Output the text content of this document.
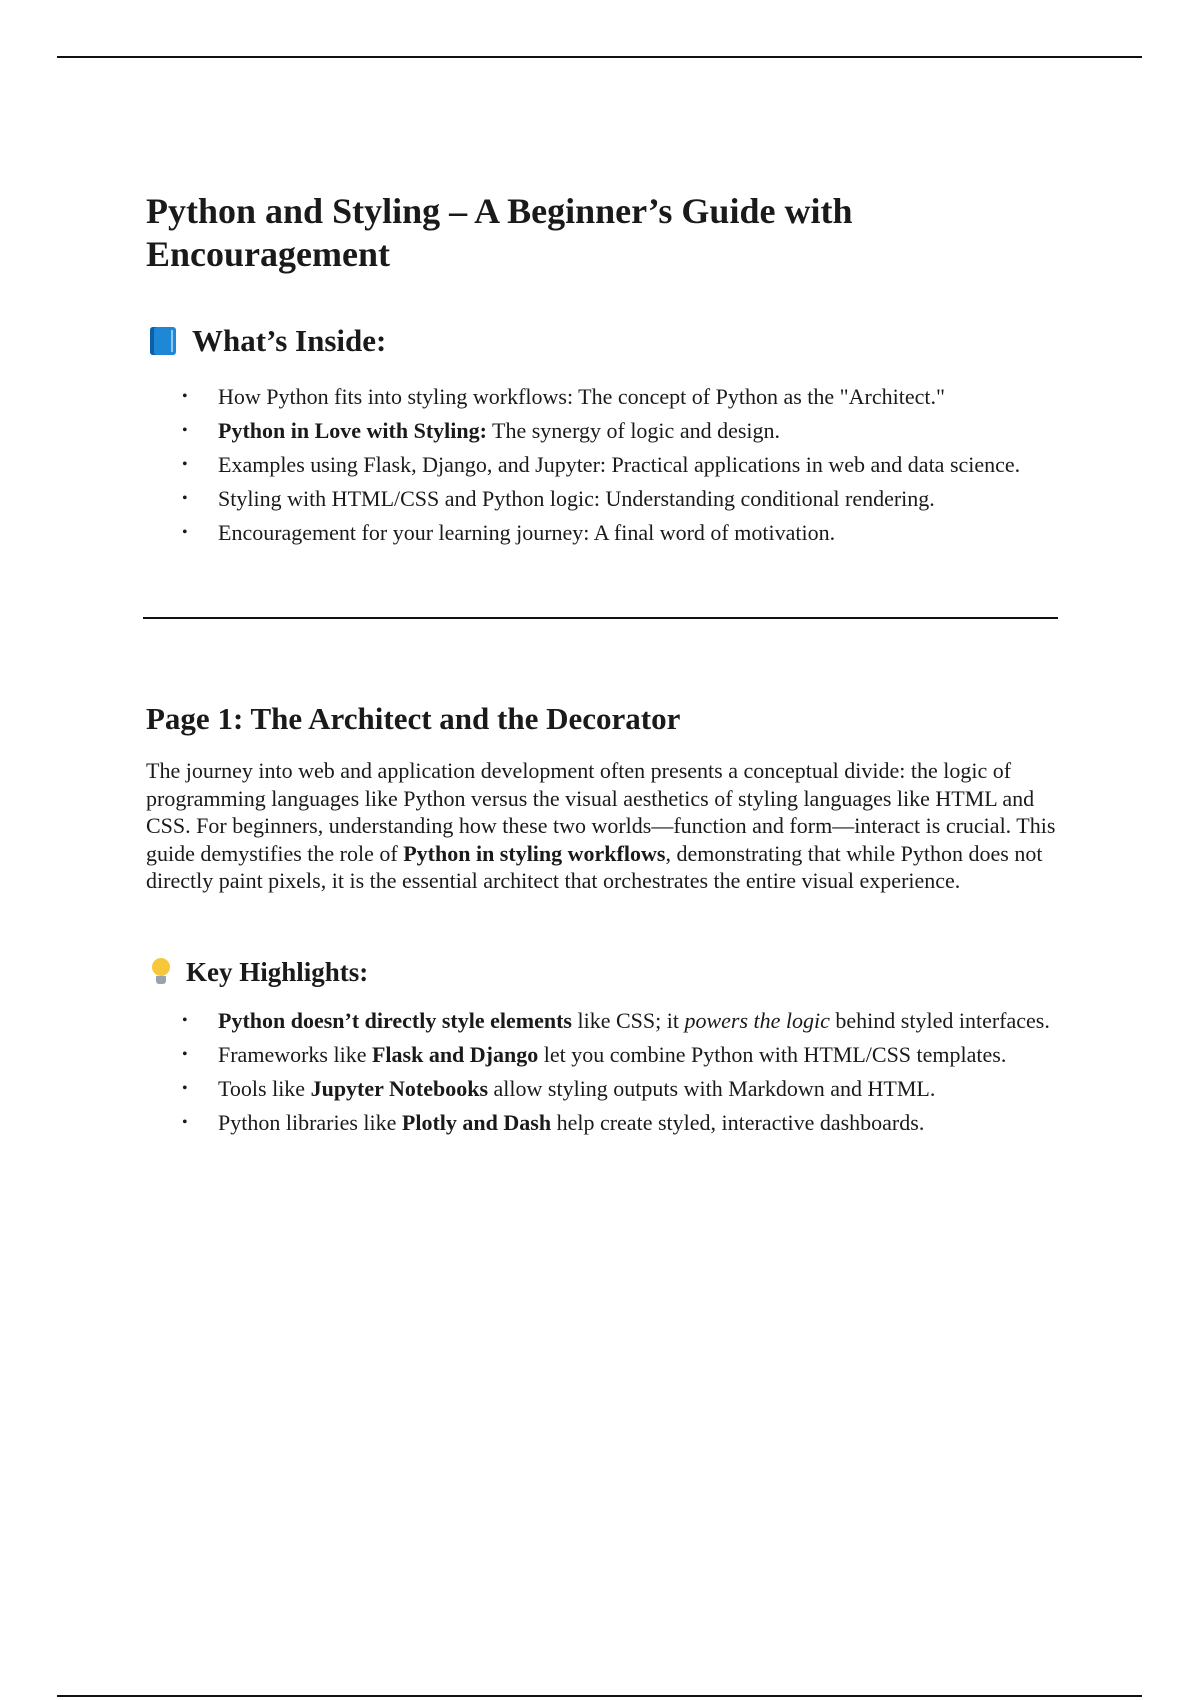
Python and Styling – A Beginner’s Guide with Encouragement
What’s Inside:
• How Python fits into styling workflows: The concept of Python as the "Architect."
• Python in Love with Styling: The synergy of logic and design.
• Examples using Flask, Django, and Jupyter: Practical applications in web and data science.
• Styling with HTML/CSS and Python logic: Understanding conditional rendering.
• Encouragement for your learning journey: A final word of motivation.
Page 1: The Architect and the Decorator

The journey into web and application development often presents a conceptual divide: the logic of programming languages like Python versus the visual aesthetics of styling languages like HTML and CSS. For beginners, understanding how these two worlds—function and form—interact is crucial. This guide demystifies the role of Python in styling workflows, demonstrating that while Python does not directly paint pixels, it is the essential architect that orchestrates the entire visual experience.

Key Highlights:
• Python doesn’t directly style elements like CSS; it powers the logic behind styled interfaces.
• Frameworks like Flask and Django let you combine Python with HTML/CSS templates.
• Tools like Jupyter Notebooks allow styling outputs with Markdown and HTML.
• Python libraries like Plotly and Dash help create styled, interactive dashboards.
